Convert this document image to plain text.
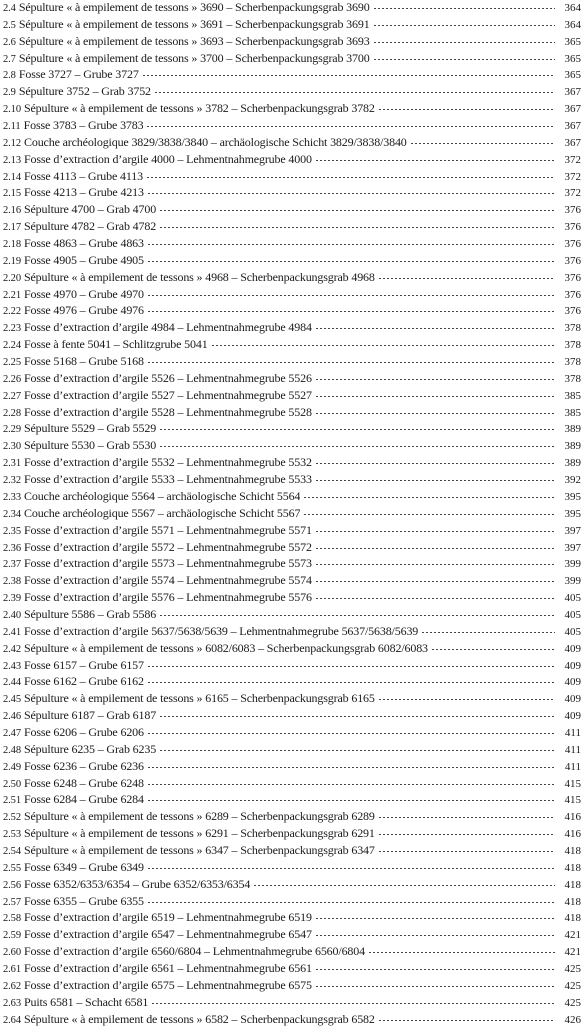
2.4 Sépulture « à empilement de tessons » 3690 – Scherbenpackungsgrab 3690	364
2.5 Sépulture « à empilement de tessons » 3691 – Scherbenpackungsgrab 3691	364
2.6 Sépulture « à empilement de tessons » 3693 – Scherbenpackungsgrab 3693	365
2.7 Sépulture « à empilement de tessons » 3700 – Scherbenpackungsgrab 3700	365
2.8 Fosse 3727 – Grube 3727	365
2.9 Sépulture 3752 – Grab 3752	367
2.10 Sépulture « à empilement de tessons » 3782 – Scherbenpackungsgrab 3782	367
2.11 Fosse 3783 – Grube 3783	367
2.12 Couche archéologique 3829/3838/3840 – archäologische Schicht 3829/3838/3840	367
2.13 Fosse d’extraction d’argile 4000 – Lehmentnahmegrube 4000	372
2.14 Fosse 4113 – Grube 4113	372
2.15 Fosse 4213 – Grube 4213	372
2.16 Sépulture 4700 – Grab 4700	376
2.17 Sépulture 4782 – Grab 4782	376
2.18 Fosse 4863 – Grube 4863	376
2.19 Fosse 4905 – Grube 4905	376
2.20 Sépulture « à empilement de tessons » 4968 – Scherbenpackungsgrab 4968	376
2.21 Fosse 4970 – Grube 4970	376
2.22 Fosse 4976 – Grube 4976	376
2.23 Fosse d’extraction d’argile 4984 – Lehmentnahmegrube 4984	378
2.24 Fosse à fente 5041 – Schlitzgrube 5041	378
2.25 Fosse 5168 – Grube 5168	378
2.26 Fosse d’extraction d’argile 5526 – Lehmentnahmegrube 5526	378
2.27 Fosse d’extraction d’argile 5527 – Lehmentnahmegrube 5527	385
2.28 Fosse d’extraction d’argile 5528 – Lehmentnahmegrube 5528	385
2.29 Sépulture 5529 – Grab 5529	389
2.30 Sépulture 5530 – Grab 5530	389
2.31 Fosse d’extraction d’argile 5532 – Lehmentnahmegrube 5532	389
2.32 Fosse d’extraction d’argile 5533 – Lehmentnahmegrube 5533	392
2.33 Couche archéologique 5564 – archäologische Schicht 5564	395
2.34 Couche archéologique 5567 – archäologische Schicht 5567	395
2.35 Fosse d’extraction d’argile 5571 – Lehmentnahmegrube 5571	397
2.36 Fosse d’extraction d’argile 5572 – Lehmentnahmegrube 5572	397
2.37 Fosse d’extraction d’argile 5573 – Lehmentnahmegrube 5573	399
2.38 Fosse d’extraction d’argile 5574 – Lehmentnahmegrube 5574	399
2.39 Fosse d’extraction d’argile 5576 – Lehmentnahmegrube 5576	405
2.40 Sépulture 5586 – Grab 5586	405
2.41 Fosse d’extraction d’argile 5637/5638/5639 – Lehmentnahmegrube 5637/5638/5639	405
2.42 Sépulture « à empilement de tessons » 6082/6083 – Scherbenpackungsgrab 6082/6083	409
2.43 Fosse 6157 – Grube 6157	409
2.44 Fosse 6162 – Grube 6162	409
2.45 Sépulture « à empilement de tessons » 6165 – Scherbenpackungsgrab 6165	409
2.46 Sépulture 6187 – Grab 6187	409
2.47 Fosse 6206 – Grube 6206	411
2.48 Sépulture 6235 – Grab 6235	411
2.49 Fosse 6236 – Grube 6236	411
2.50 Fosse 6248 – Grube 6248	415
2.51 Fosse 6284 – Grube 6284	415
2.52 Sépulture « à empilement de tessons » 6289 – Scherbenpackungsgrab 6289	416
2.53 Sépulture « à empilement de tessons » 6291 – Scherbenpackungsgrab 6291	416
2.54 Sépulture « à empilement de tessons » 6347 – Scherbenpackungsgrab 6347	418
2.55 Fosse 6349 – Grube 6349	418
2.56 Fosse 6352/6353/6354 – Grube 6352/6353/6354	418
2.57 Fosse 6355 – Grube 6355	418
2.58 Fosse d’extraction d’argile 6519 – Lehmentnahmegrube 6519	418
2.59 Fosse d’extraction d’argile 6547 – Lehmentnahmegrube 6547	421
2.60 Fosse d’extraction d’argile 6560/6804 – Lehmentnahmegrube 6560/6804	421
2.61 Fosse d’extraction d’argile 6561 – Lehmentnahmegrube 6561	425
2.62 Fosse d’extraction d’argile 6575 – Lehmentnahmegrube 6575	425
2.63 Puits 6581 – Schacht 6581	425
2.64 Sépulture « à empilement de tessons » 6582 – Scherbenpackungsgrab 6582	426
